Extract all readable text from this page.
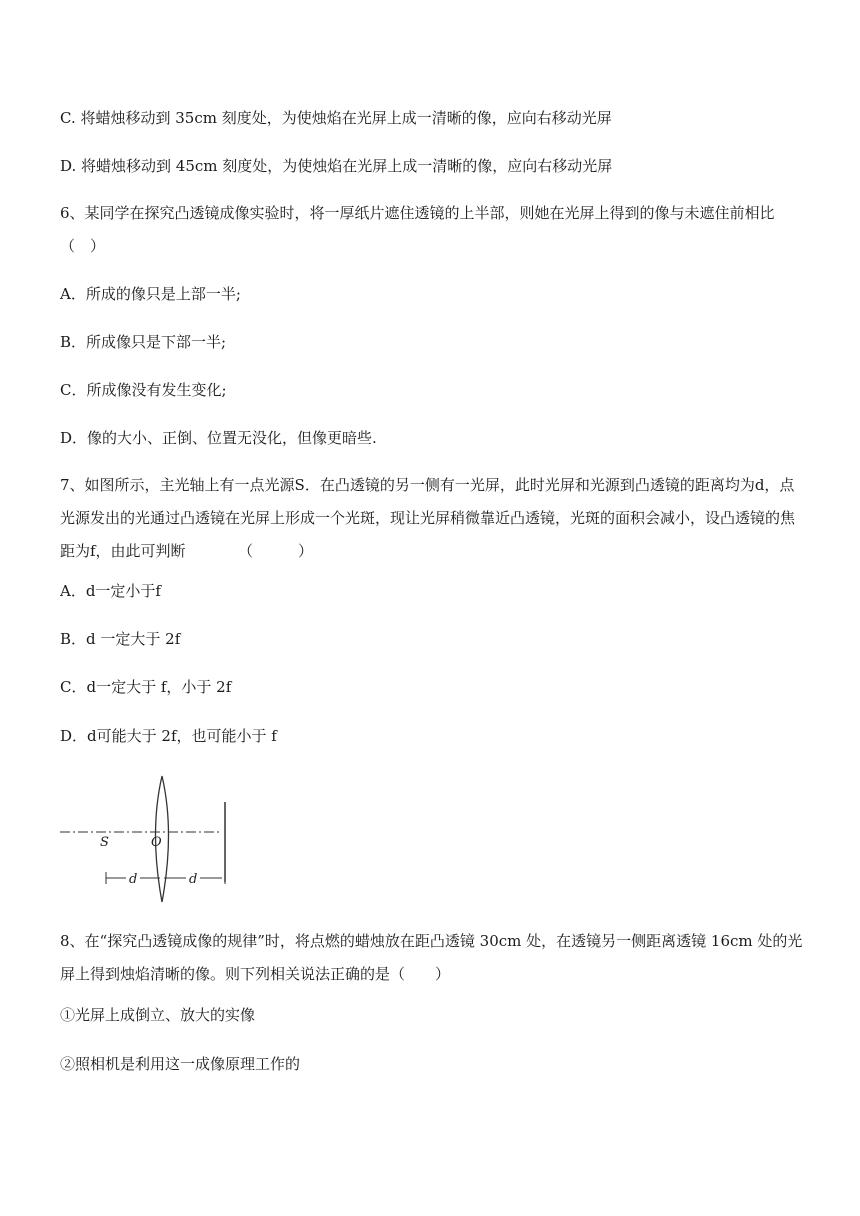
C. 将蜡烛移动到 35cm 刻度处，为使烛焰在光屏上成一清晰的像，应向右移动光屏
D. 将蜡烛移动到 45cm 刻度处，为使烛焰在光屏上成一清晰的像，应向右移动光屏
6、某同学在探究凸透镜成像实验时，将一厚纸片遮住透镜的上半部，则她在光屏上得到的像与未遮住前相比（　）
A．所成的像只是上部一半;
B．所成像只是下部一半;
C．所成像没有发生变化;
D．像的大小、正倒、位置无没化，但像更暗些.
7、如图所示，主光轴上有一点光源S．在凸透镜的另一侧有一光屏，此时光屏和光源到凸透镜的距离均为d，点光源发出的光通过凸透镜在光屏上形成一个光斑，现让光屏稍微靠近凸透镜，光斑的面积会减小，设凸透镜的焦距为f，由此可判断　　　　（　　　）
A．d一定小于f
B．d 一定大于 2f
C．d一定大于 f，小于 2f
D．d可能大于 2f，也可能小于 f
S	O
d	d
8、在“探究凸透镜成像的规律”时，将点燃的蜡烛放在距凸透镜 30cm 处，在透镜另一侧距离透镜 16cm 处的光屏上得到烛焰清晰的像。则下列相关说法正确的是（　　）
①光屏上成倒立、放大的实像
②照相机是利用这一成像原理工作的
